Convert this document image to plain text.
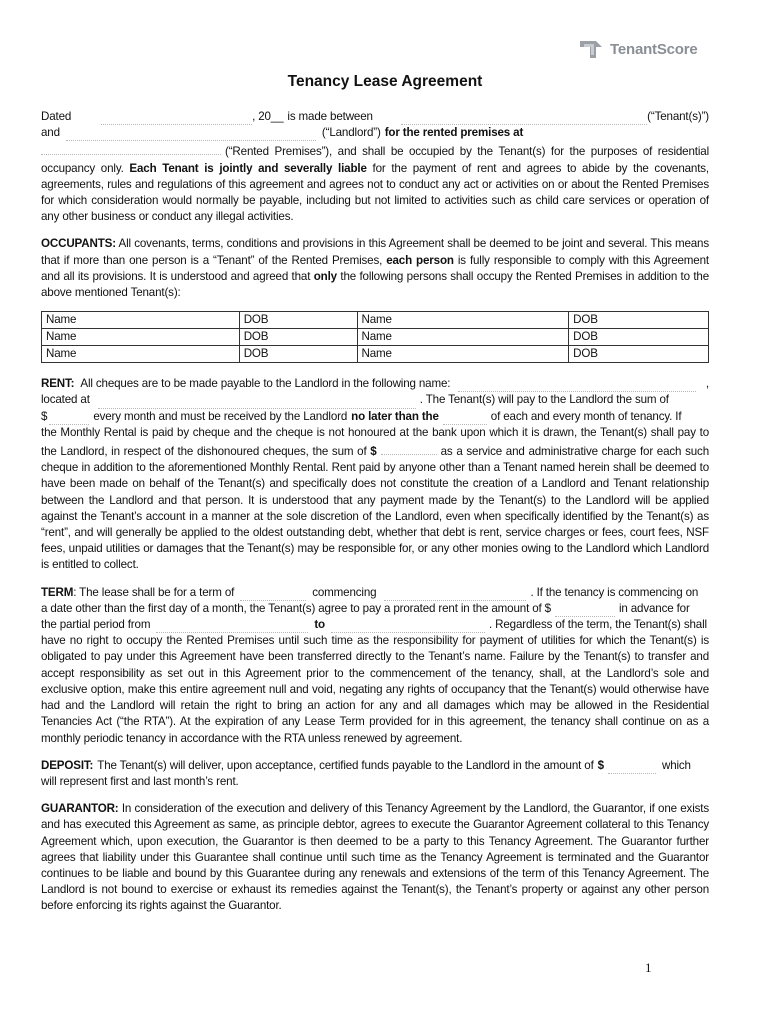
TenantScore
Tenancy Lease Agreement
Dated	, 20__ is made between	(“Tenant(s)”)
and	(“Landlord”) for the rented premises at

(“Rented Premises”), and shall be occupied by the Tenant(s) for the purposes of residential occupancy only. Each Tenant is jointly and severally liable for the payment of rent and agrees to abide by the covenants, agreements, rules and regulations of this agreement and agrees not to conduct any act or activities on or about the Rented Premises for which consideration would normally be payable, including but not limited to activities such as child care services or operation of any other business or conduct any illegal activities.

OCCUPANTS: All covenants, terms, conditions and provisions in this Agreement shall be deemed to be joint and several. This means that if more than one person is a “Tenant” of the Rented Premises, each person is fully responsible to comply with this Agreement and all its provisions. It is understood and agreed that only the following persons shall occupy the Rented Premises in addition to the above mentioned Tenant(s):

Name	DOB	Name	DOB
Name	DOB	Name	DOB
Name	DOB	Name	DOB
RENT: All cheques are to be made payable to the Landlord in the following name:	,
located at	. The Tenant(s) will pay to the Landlord the sum of
$	every month and must be received by the Landlord no later than the	of each and every month of tenancy. If

the Monthly Rental is paid by cheque and the cheque is not honoured at the bank upon which it is drawn, the Tenant(s) shall pay to the Landlord, in respect of the dishonoured cheques, the sum of $	as a service and administrative charge for each such cheque in addition to the aforementioned Monthly Rental. Rent paid by anyone other than a Tenant named herein shall be deemed to have been made on behalf of the Tenant(s) and specifically does not constitute the creation of a Landlord and Tenant relationship between the Landlord and that person. It is understood that any payment made by the Tenant(s) to the Landlord will be applied against the Tenant’s account in a manner at the sole discretion of the Landlord, even when specifically identified by the Tenant(s) as “rent”, and will generally be applied to the oldest outstanding debt, whether that debt is rent, service charges or fees, court fees, NSF fees, unpaid utilities or damages that the Tenant(s) may be responsible for, or any other monies owing to the Landlord which Landlord is entitled to collect.

TERM : The lease shall be for a term of	commencing	. If the tenancy is commencing on
a date other than the first day of a month, the Tenant(s) agree to pay a prorated rent in the amount of $	in advance for
the partial period from	to	. Regardless of the term, the Tenant(s) shall

have no right to occupy the Rented Premises until such time as the responsibility for payment of utilities for which the Tenant(s) is obligated to pay under this Agreement have been transferred directly to the Tenant’s name. Failure by the Tenant(s) to transfer and accept responsibility as set out in this Agreement prior to the commencement of the tenancy, shall, at the Landlord’s sole and exclusive option, make this entire agreement null and void, negating any rights of occupancy that the Tenant(s) would otherwise have had and the Landlord will retain the right to bring an action for any and all damages which may be allowed in the Residential Tenancies Act (“the RTA”). At the expiration of any Lease Term provided for in this agreement, the tenancy shall continue on as a monthly periodic tenancy in accordance with the RTA unless renewed by agreement.

DEPOSIT: The Tenant(s) will deliver, upon acceptance, certified funds payable to the Landlord in the amount of $	which

will represent first and last month’s rent.

GUARANTOR: In consideration of the execution and delivery of this Tenancy Agreement by the Landlord, the Guarantor, if one exists and has executed this Agreement as same, as principle debtor, agrees to execute the Guarantor Agreement collateral to this Tenancy Agreement which, upon execution, the Guarantor is then deemed to be a party to this Tenancy Agreement. The Guarantor further agrees that liability under this Guarantee shall continue until such time as the Tenancy Agreement is terminated and the Guarantor continues to be liable and bound by this Guarantee during any renewals and extensions of the term of this Tenancy Agreement. The Landlord is not bound to exercise or exhaust its remedies against the Tenant(s), the Tenant’s property or against any other person before enforcing its rights against the Guarantor.

1
